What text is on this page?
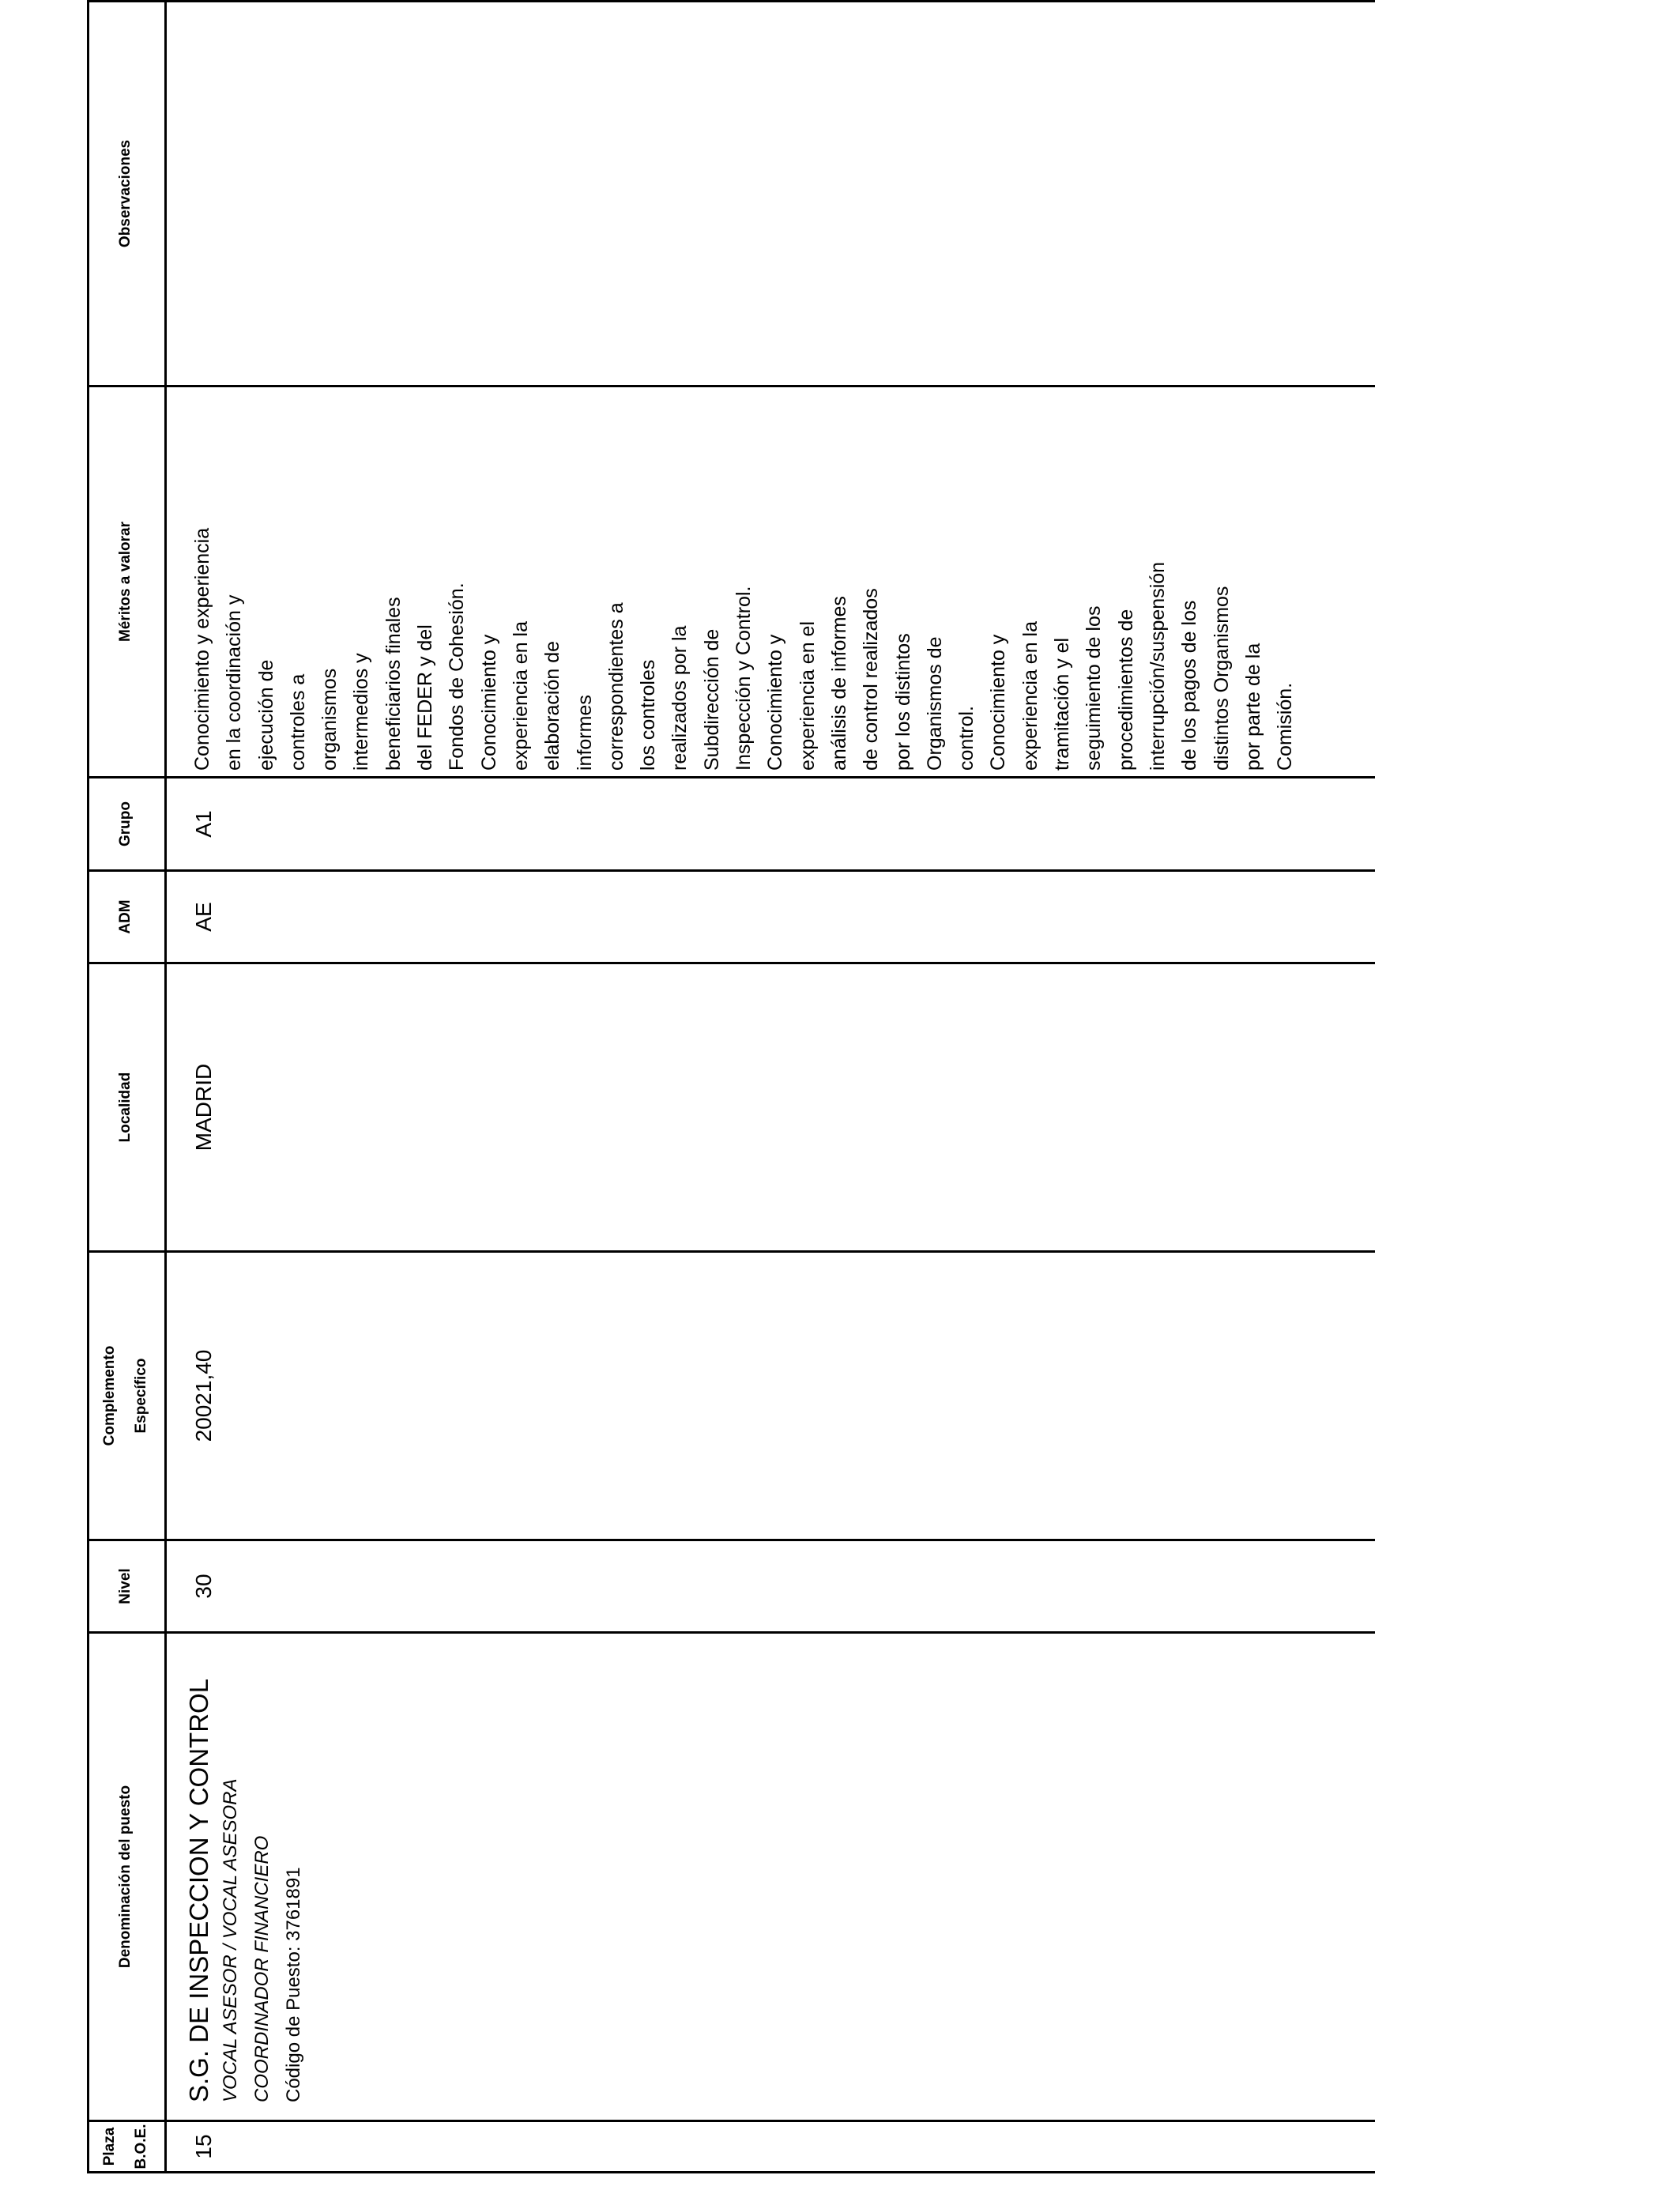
Plaza	B.O.E.
Denominación del puesto
Nivel
Complemento	Específico
Localidad
ADM
Grupo
Méritos a valorar
Observaciones
15
S.G. DE INSPECCION Y CONTROL VOCAL ASESOR / VOCAL ASESORA COORDINADOR FINANCIERO Código de Puesto: 3761891
30
20021,40
MADRID
AE
A1
Conocimiento y experiencia en la coordinación y ejecución de controles a organismos intermedios y beneficiarios finales del FEDER y del Fondos de Cohesión. Conocimiento y experiencia en la elaboración de informes correspondientes a los controles realizados por la Subdirección de Inspección y Control. Conocimiento y experiencia en el análisis de informes de control realizados por los distintos Organismos de control. Conocimiento y experiencia en la tramitación y el seguimiento de los procedimientos de interrupción/suspensión de los pagos de los distintos Organismos por parte de la Comisión.
